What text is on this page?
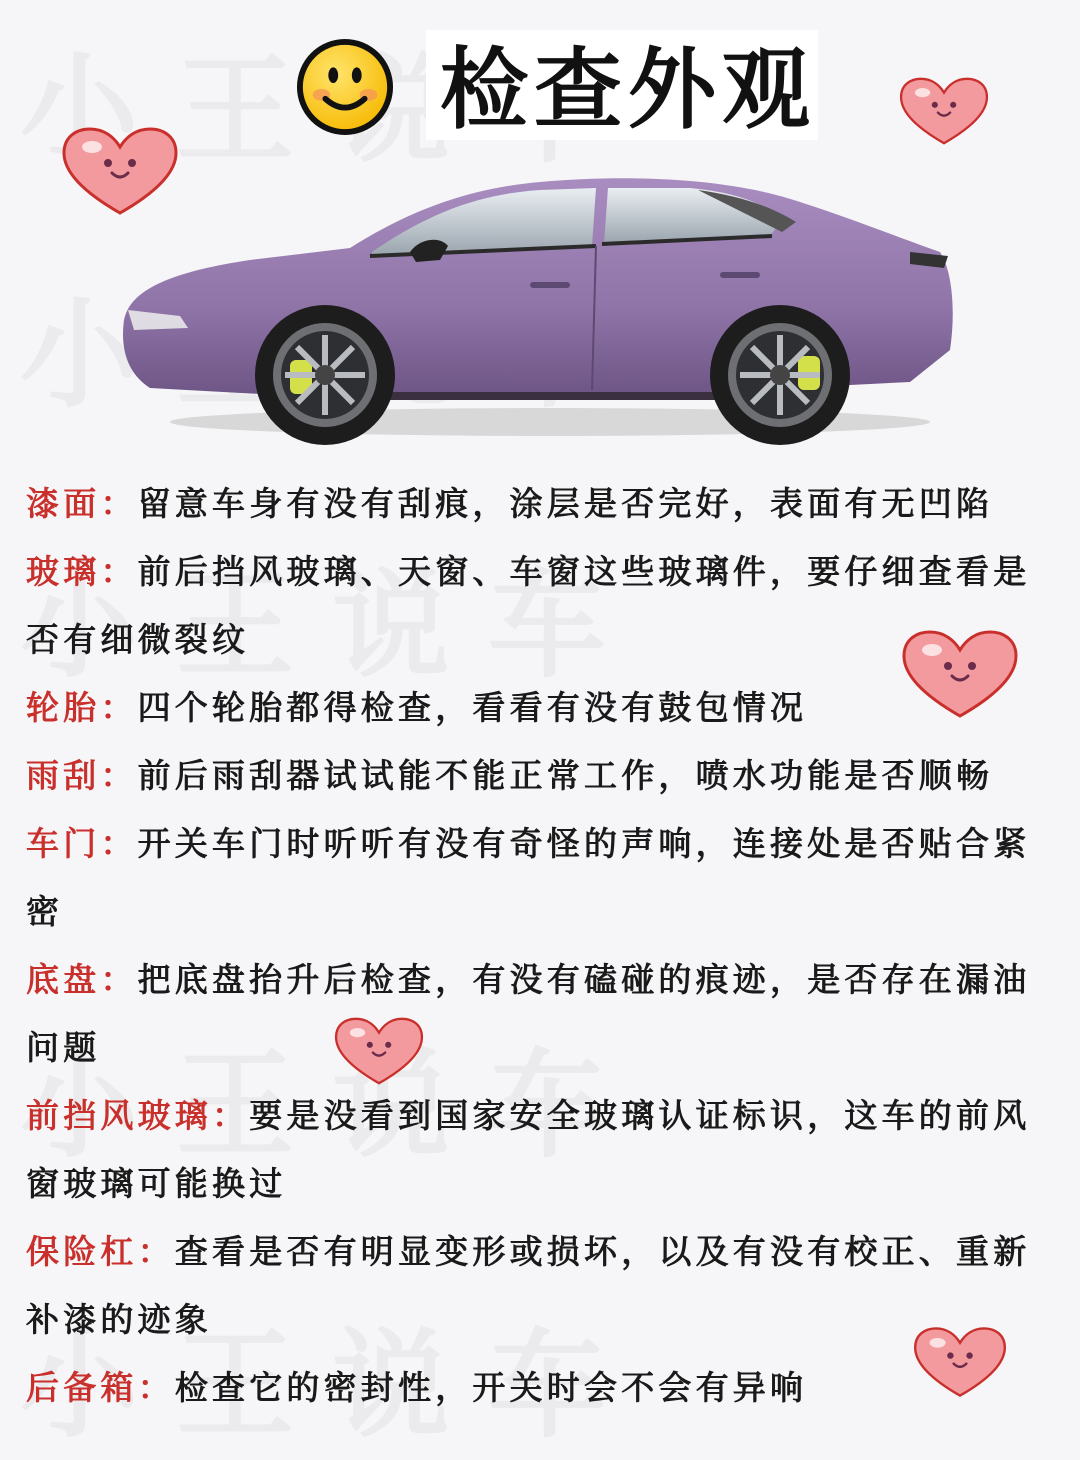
检查外观
漆面：留意车身有没有刮痕，涂层是否完好，表面有无凹陷
玻璃：前后挡风玻璃、天窗、车窗这些玻璃件，要仔细查看是否有细微裂纹
轮胎：四个轮胎都得检查，看看有没有鼓包情况
雨刮：前后雨刮器试试能不能正常工作，喷水功能是否顺畅
车门：开关车门时听听有没有奇怪的声响，连接处是否贴合紧密
底盘：把底盘抬升后检查，有没有磕碰的痕迹，是否存在漏油问题
前挡风玻璃：要是没看到国家安全玻璃认证标识，这车的前风窗玻璃可能换过
保险杠：查看是否有明显变形或损坏，以及有没有校正、重新补漆的迹象
后备箱：检查它的密封性，开关时会不会有异响
